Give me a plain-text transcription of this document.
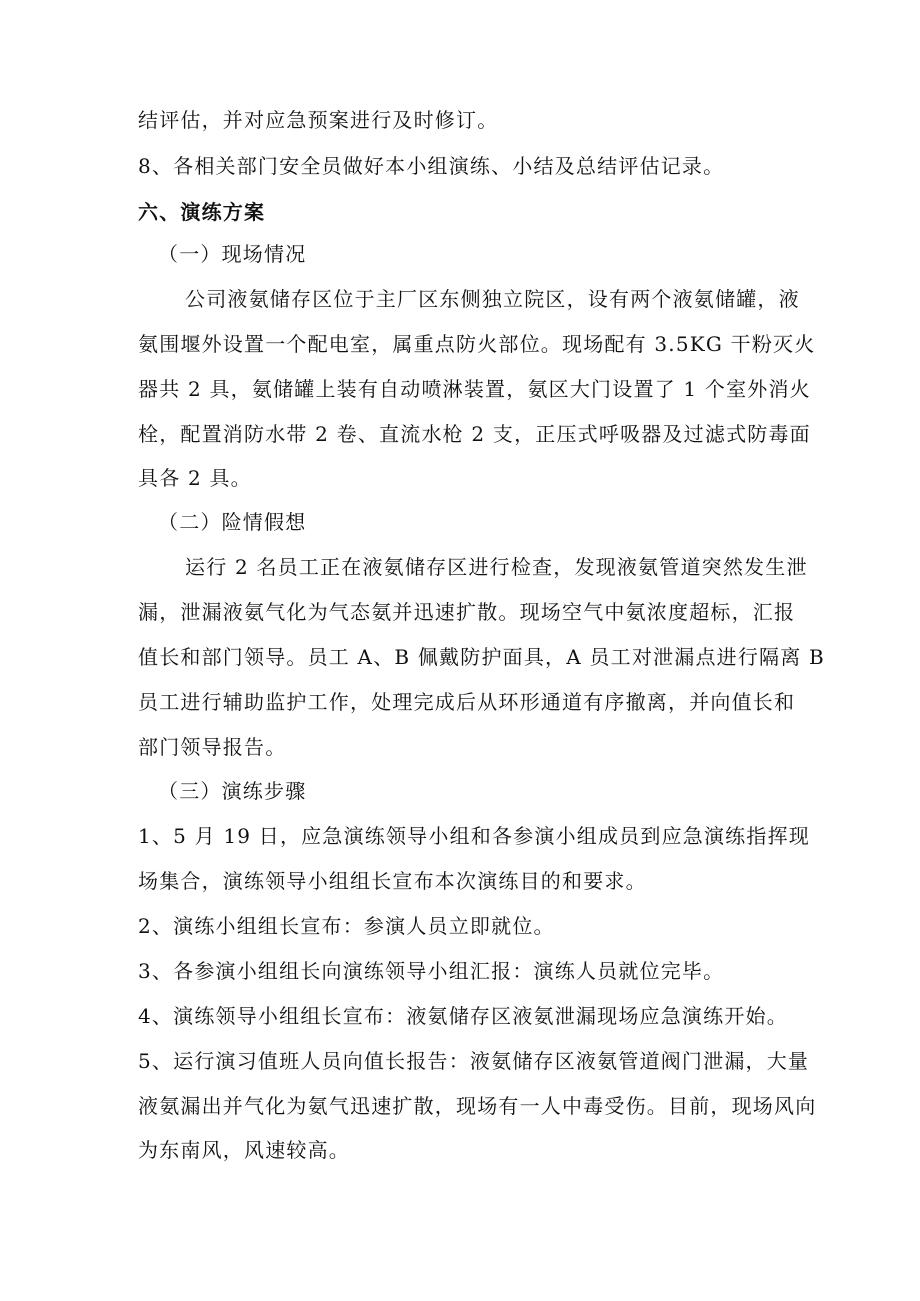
结评估，并对应急预案进行及时修订。
8、各相关部门安全员做好本小组演练、小结及总结评估记录。
六、演练方案
（一）现场情况
公司液氨储存区位于主厂区东侧独立院区，设有两个液氨储罐，液
氨围堰外设置一个配电室，属重点防火部位。现场配有 3.5KG 干粉灭火
器共 2 具，氨储罐上装有自动喷淋装置，氨区大门设置了 1 个室外消火
栓，配置消防水带 2 卷、直流水枪 2 支，正压式呼吸器及过滤式防毒面
具各 2 具。
（二）险情假想
运行 2 名员工正在液氨储存区进行检查，发现液氨管道突然发生泄
漏，泄漏液氨气化为气态氨并迅速扩散。现场空气中氨浓度超标，汇报
值长和部门领导。员工 A、B 佩戴防护面具，A 员工对泄漏点进行隔离 B
员工进行辅助监护工作，处理完成后从环形通道有序撤离，并向值长和
部门领导报告。
（三）演练步骤
1、5 月 19 日，应急演练领导小组和各参演小组成员到应急演练指挥现
场集合，演练领导小组组长宣布本次演练目的和要求。
2、演练小组组长宣布：参演人员立即就位。
3、各参演小组组长向演练领导小组汇报：演练人员就位完毕。
4、演练领导小组组长宣布：液氨储存区液氨泄漏现场应急演练开始。
5、运行演习值班人员向值长报告：液氨储存区液氨管道阀门泄漏，大量
液氨漏出并气化为氨气迅速扩散，现场有一人中毒受伤。目前，现场风向
为东南风，风速较高。
